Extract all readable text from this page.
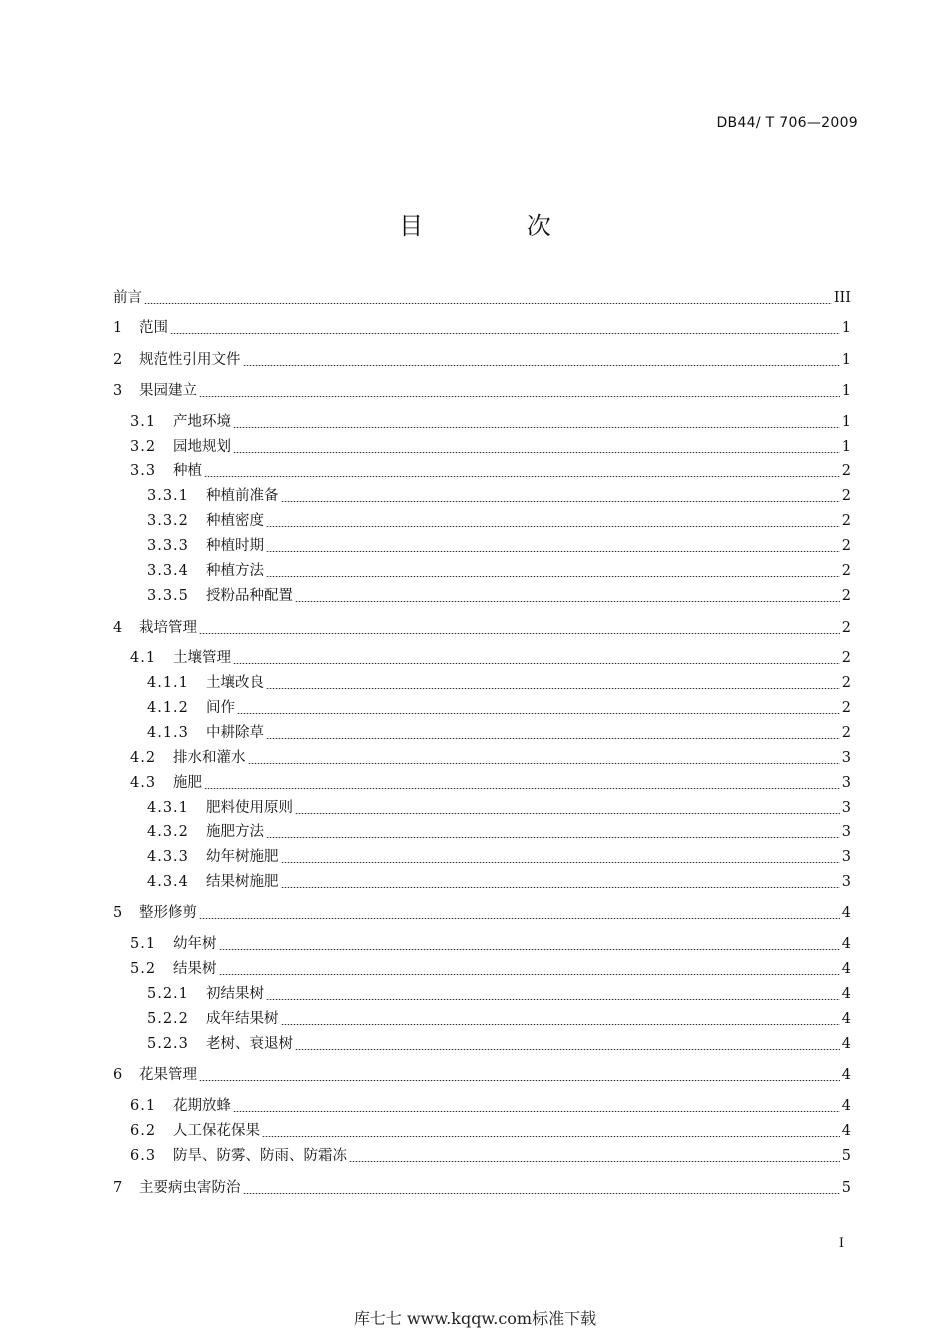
DB44/ T 706—2009
目 次
前言	III
1	范围	1
2	规范性引用文件	1
3	果园建立	1
3.1	产地环境	1
3.2	园地规划	1
3.3	种植	2
3.3.1	种植前准备	2
3.3.2	种植密度	2
3.3.3	种植时期	2
3.3.4	种植方法	2
3.3.5	授粉品种配置	2
4	栽培管理	2
4.1	土壤管理	2
4.1.1	土壤改良	2
4.1.2	间作	2
4.1.3	中耕除草	2
4.2	排水和灌水	3
4.3	施肥	3
4.3.1	肥料使用原则	3
4.3.2	施肥方法	3
4.3.3	幼年树施肥	3
4.3.4	结果树施肥	3
5	整形修剪	4
5.1	幼年树	4
5.2	结果树	4
5.2.1	初结果树	4
5.2.2	成年结果树	4
5.2.3	老树、衰退树	4
6	花果管理	4
6.1	花期放蜂	4
6.2	人工保花保果	4
6.3	防旱、防雾、防雨、防霜冻	5
7	主要病虫害防治	5
I
库七七 www.kqqw.com标准下载
